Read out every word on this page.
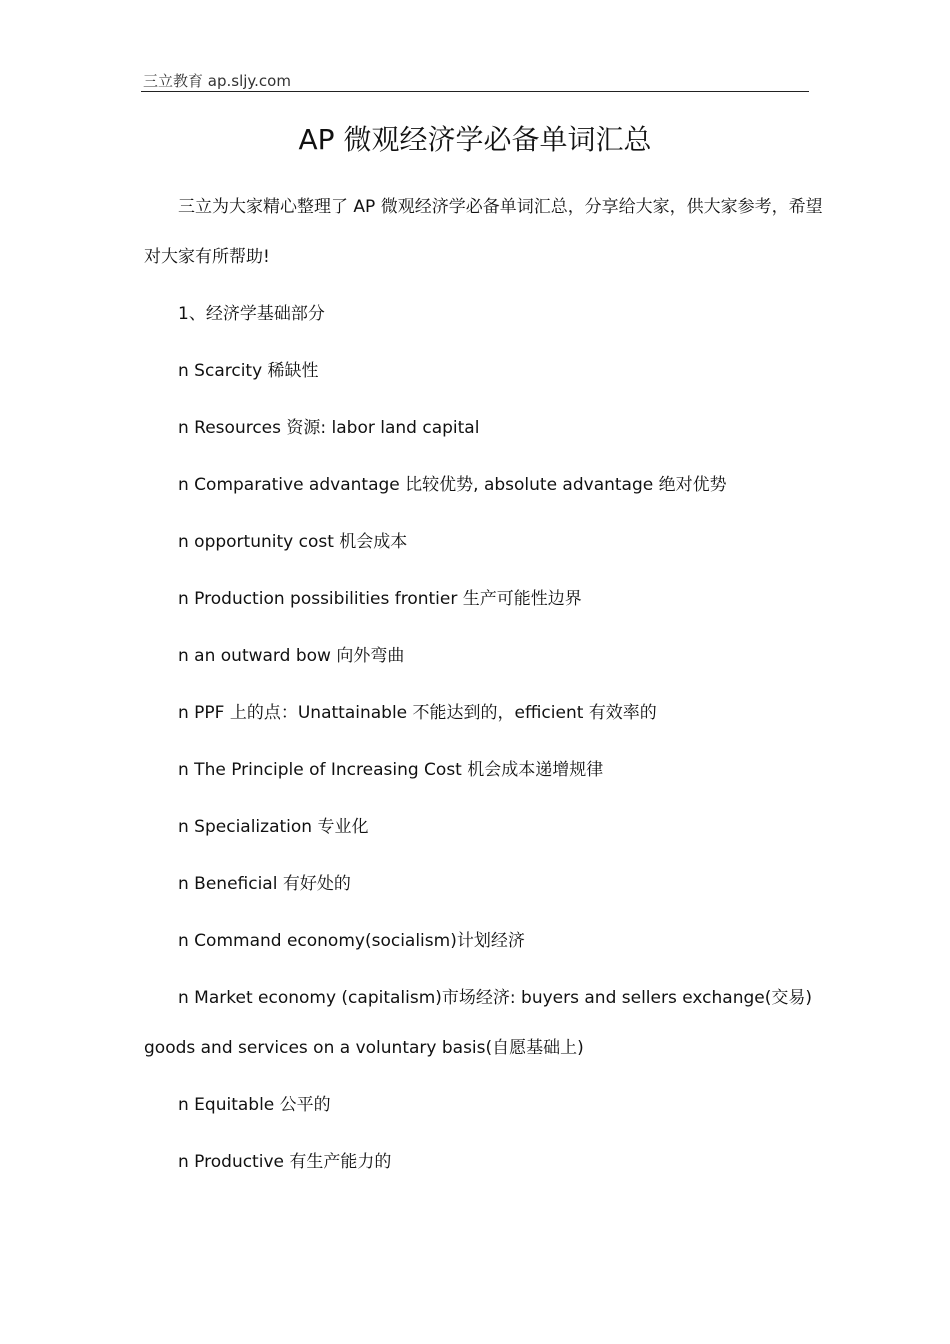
三立教育 ap.sljy.com
AP 微观经济学必备单词汇总
三立为大家精心整理了 AP 微观经济学必备单词汇总，分享给大家，供大家参考，希望
对大家有所帮助!
1、经济学基础部分
n Scarcity 稀缺性
n Resources 资源: labor land capital
n Comparative advantage 比较优势, absolute advantage 绝对优势
n opportunity cost 机会成本
n Production possibilities frontier 生产可能性边界
n an outward bow 向外弯曲
n PPF 上的点：Unattainable 不能达到的，efficient 有效率的
n The Principle of Increasing Cost 机会成本递增规律
n Specialization 专业化
n Beneficial 有好处的
n Command economy(socialism)计划经济
n Market economy (capitalism)市场经济: buyers and sellers exchange(交易)
goods and services on a voluntary basis(自愿基础上)
n Equitable 公平的
n Productive 有生产能力的
